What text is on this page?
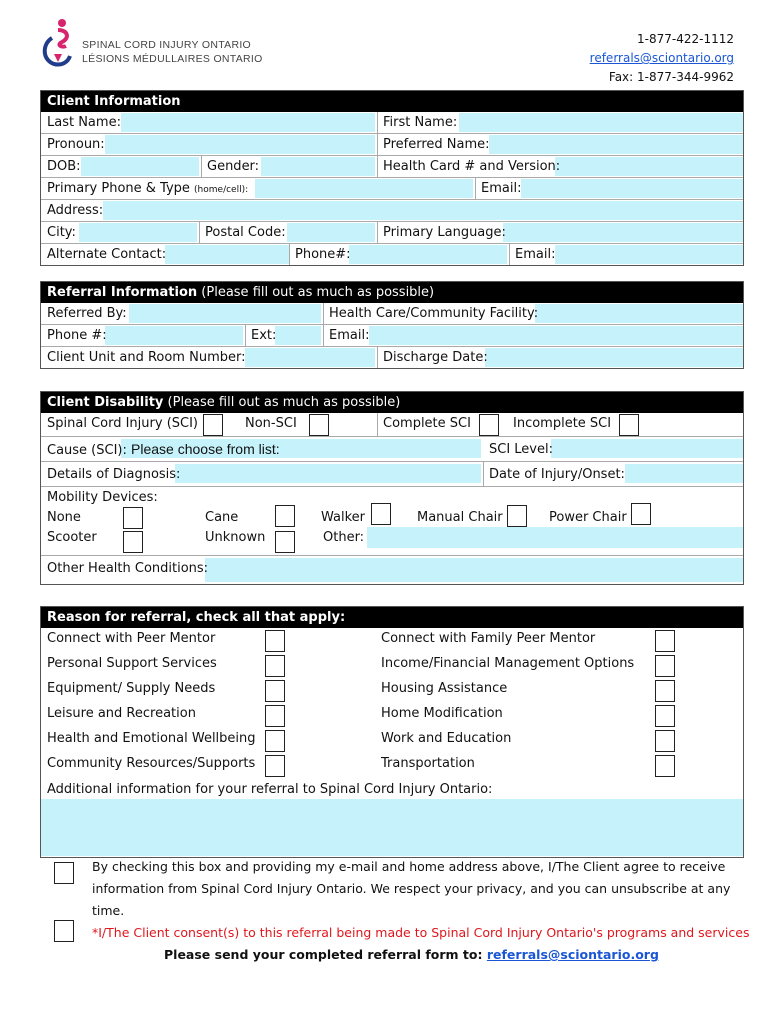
SPINAL CORD INJURY ONTARIO
LÉSIONS MÉDULLAIRES ONTARIO
1-877-422-1112
referrals@sciontario.org
Fax: 1-877-344-9962
Client Information
Last Name:	First Name:
Pronoun:	Preferred Name:
DOB:	Gender:	Health Card # and Version:
Primary Phone & Type (home/cell):	Email:
Address:
City:	Postal Code:	Primary Language:
Alternate Contact:	Phone#:	Email:
Referral Information (Please fill out as much as possible)
Referred By:	Health Care/Community Facility:
Phone #:	Ext:	Email:
Client Unit and Room Number:	Discharge Date:
Client Disability (Please fill out as much as possible)
Spinal Cord Injury (SCI)	Non-SCI	Complete SCI	Incomplete SCI
Cause (SCI): Please choose from list:	SCI Level:
Details of Diagnosis:	Date of Injury/Onset:
Mobility Devices:
None	Cane	Walker	Manual Chair	Power Chair
Scooter	Unknown	Other:
Other Health Conditions:
Reason for referral, check all that apply:
Connect with Peer Mentor	Connect with Family Peer Mentor
Personal Support Services	Income/Financial Management Options
Equipment/ Supply Needs	Housing Assistance
Leisure and Recreation	Home Modification
Health and Emotional Wellbeing	Work and Education
Community Resources/Supports	Transportation
Additional information for your referral to Spinal Cord Injury Ontario:
By checking this box and providing my e-mail and home address above, I/The Client agree to receive
information from Spinal Cord Injury Ontario. We respect your privacy, and you can unsubscribe at any
time.
*I/The Client consent(s) to this referral being made to Spinal Cord Injury Ontario's programs and services
Please send your completed referral form to: referrals@sciontario.org
